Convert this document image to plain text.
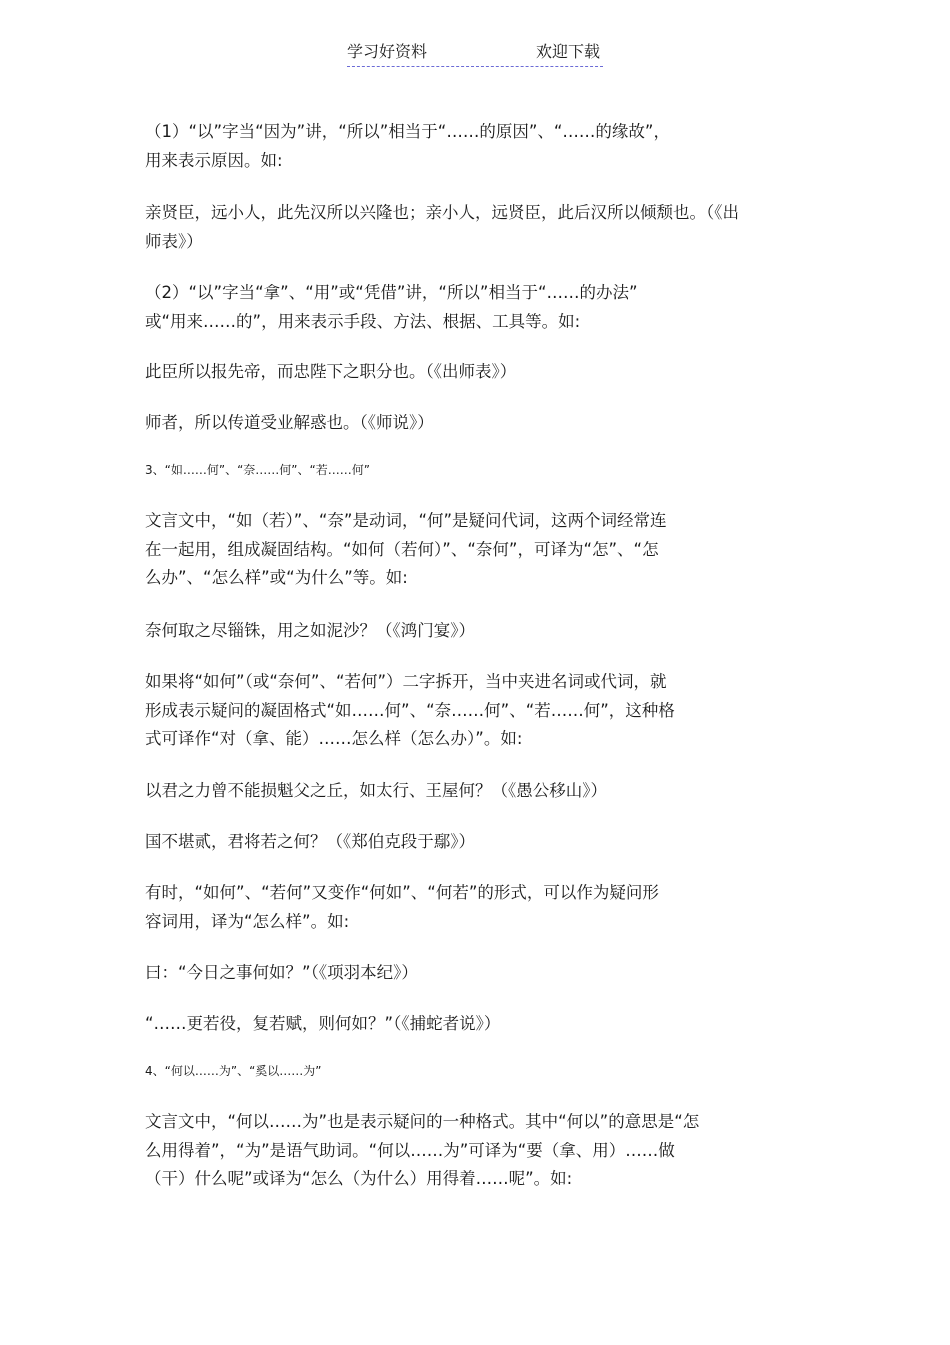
学习好资料	欢迎下载
（1）“以”字当“因为”讲，“所以”相当于“……的原因”、“……的缘故”，
用来表示原因。如:
亲贤臣，远小人，此先汉所以兴隆也；亲小人，远贤臣，此后汉所以倾颓也。（《出
师表》）
（2）“以”字当“拿”、“用”或“凭借”讲，“所以”相当于“……的办法”
或“用来……的”，用来表示手段、方法、根据、工具等。如:
此臣所以报先帝，而忠陛下之职分也。（《出师表》）
师者，所以传道受业解惑也。（《师说》）
3、“如……何”、“奈……何”、“若……何”
文言文中，“如（若）”、“奈”是动词，“何”是疑问代词，这两个词经常连
在一起用，组成凝固结构。“如何（若何）”、“奈何”，可译为“怎”、“怎
么办”、“怎么样”或“为什么”等。如:
奈何取之尽锱铢，用之如泥沙？（《鸿门宴》）
如果将“如何”（或“奈何”、“若何”）二字拆开，当中夹进名词或代词，就
形成表示疑问的凝固格式“如……何”、“奈……何”、“若……何”，这种格
式可译作“对（拿、能）……怎么样（怎么办）”。如:
以君之力曾不能损魁父之丘，如太行、王屋何？（《愚公移山》）
国不堪贰，君将若之何？（《郑伯克段于鄢》）
有时，“如何”、“若何”又变作“何如”、“何若”的形式，可以作为疑问形
容词用，译为“怎么样”。如:
曰：“今日之事何如？”（《项羽本纪》）
“……更若役，复若赋，则何如？”（《捕蛇者说》）
4、“何以……为”、“奚以……为”
文言文中，“何以……为”也是表示疑问的一种格式。其中“何以”的意思是“怎
么用得着”，“为”是语气助词。“何以……为”可译为“要（拿、用）……做
（干）什么呢”或译为“怎么（为什么）用得着……呢”。如:
